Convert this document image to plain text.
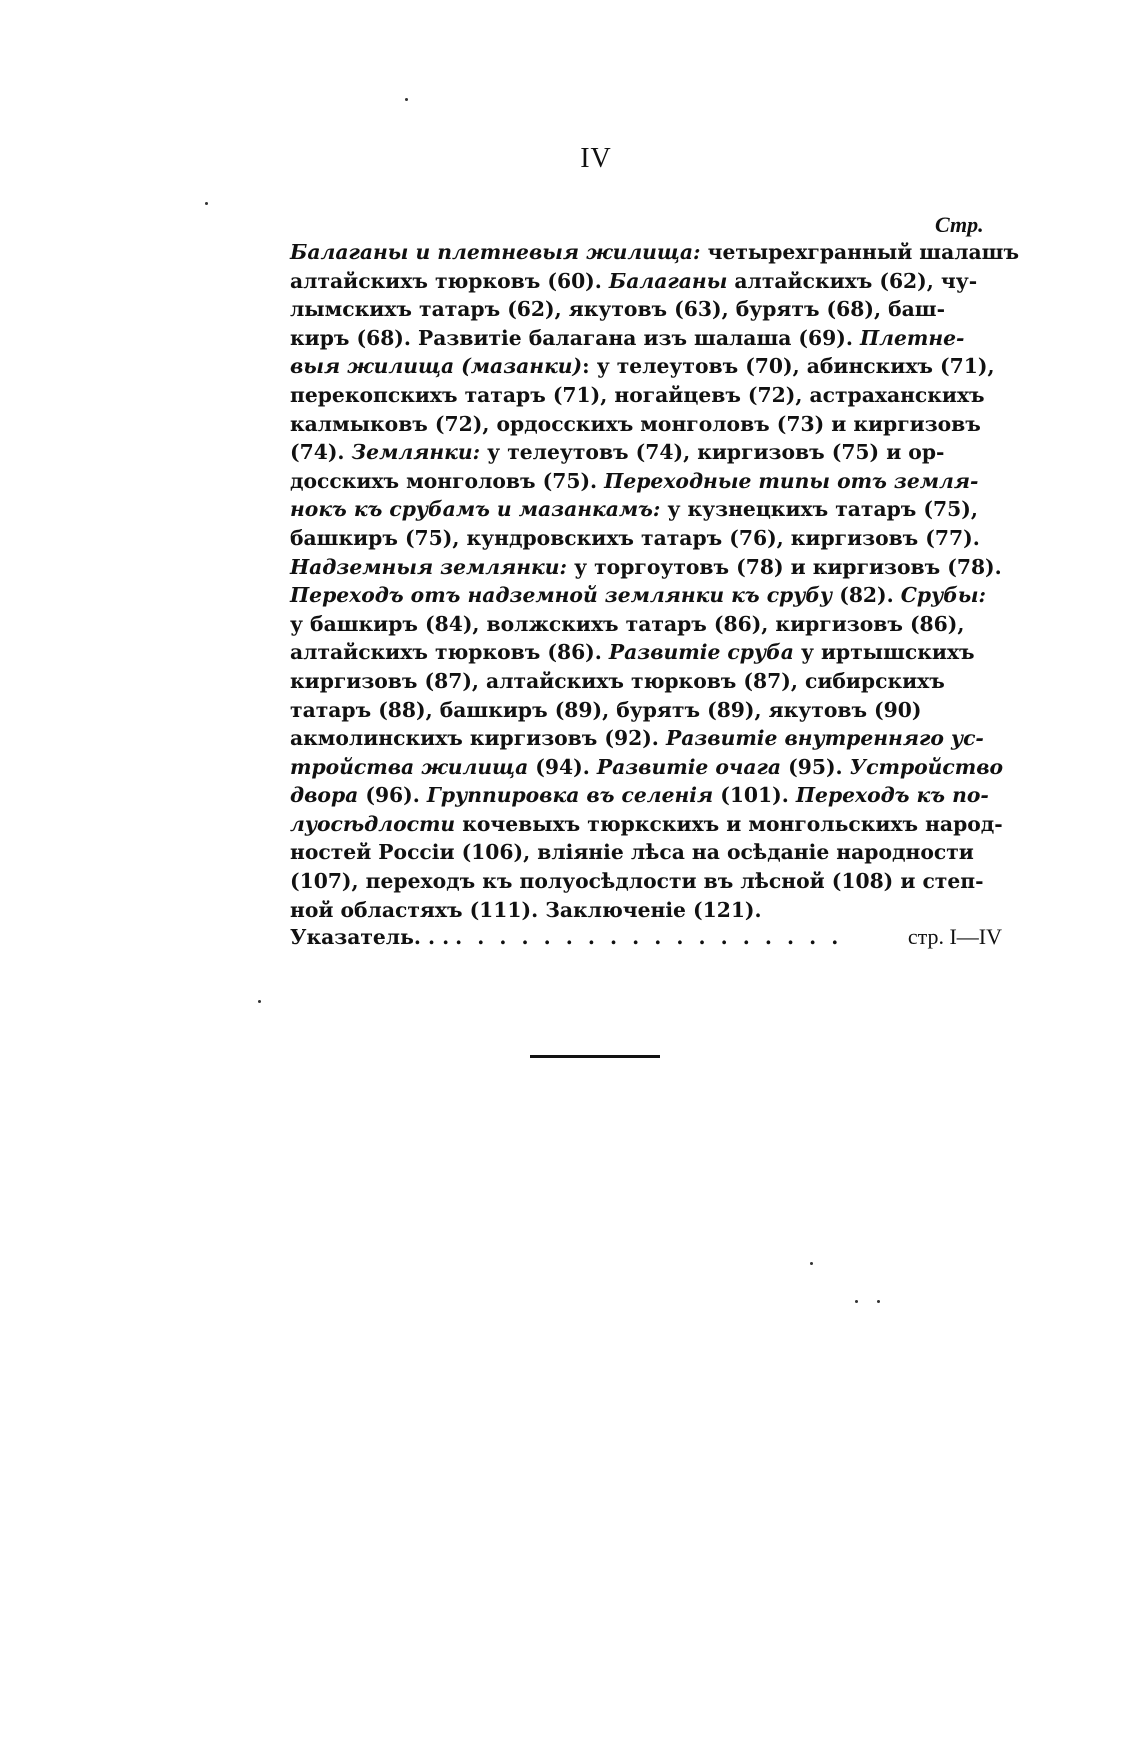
IV
Стр.
Балаганы и плетневыя жилища: четырехгранный шалашъ
алтайскихъ тюрковъ (60). Балаганы алтайскихъ (62), чу-
лымскихъ татаръ (62), якутовъ (63), бурятъ (68), баш-
киръ (68). Развитіе балагана изъ шалаша (69). Плетне-
выя жилища (мазанки): у телеутовъ (70), абинскихъ (71),
перекопскихъ татаръ (71), ногайцевъ (72), астраханскихъ
калмыковъ (72), ордосскихъ монголовъ (73) и киргизовъ
(74). Землянки: у телеутовъ (74), киргизовъ (75) и ор-
досскихъ монголовъ (75). Переходные типы отъ земля-
нокъ къ срубамъ и мазанкамъ: у кузнецкихъ татаръ (75),
башкиръ (75), кундровскихъ татаръ (76), киргизовъ (77).
Надземныя землянки: у торгоутовъ (78) и киргизовъ (78).
Переходъ отъ надземной землянки къ срубу (82). Срубы:
у башкиръ (84), волжскихъ татаръ (86), киргизовъ (86),
алтайскихъ тюрковъ (86). Развитіе сруба у иртышскихъ
киргизовъ (87), алтайскихъ тюрковъ (87), сибирскихъ
татаръ (88), башкиръ (89), бурятъ (89), якутовъ (90)
акмолинскихъ киргизовъ (92). Развитіе внутренняго ус-
тройства жилища (94). Развитіе очага (95). Устройство
двора (96). Группировка въ селенія (101). Переходъ къ по-
луосѣдлости кочевыхъ тюркскихъ и монгольскихъ народ-
ностей Россіи (106), вліяніе лѣса на осѣданіе народности
(107), переходъ къ полуосѣдлости въ лѣсной (108) и степ-
ной областяхъ (111). Заключеніе (121).
Указатель. . . . . . . . . . . . . . . . . . . . .	стр. I—IV
